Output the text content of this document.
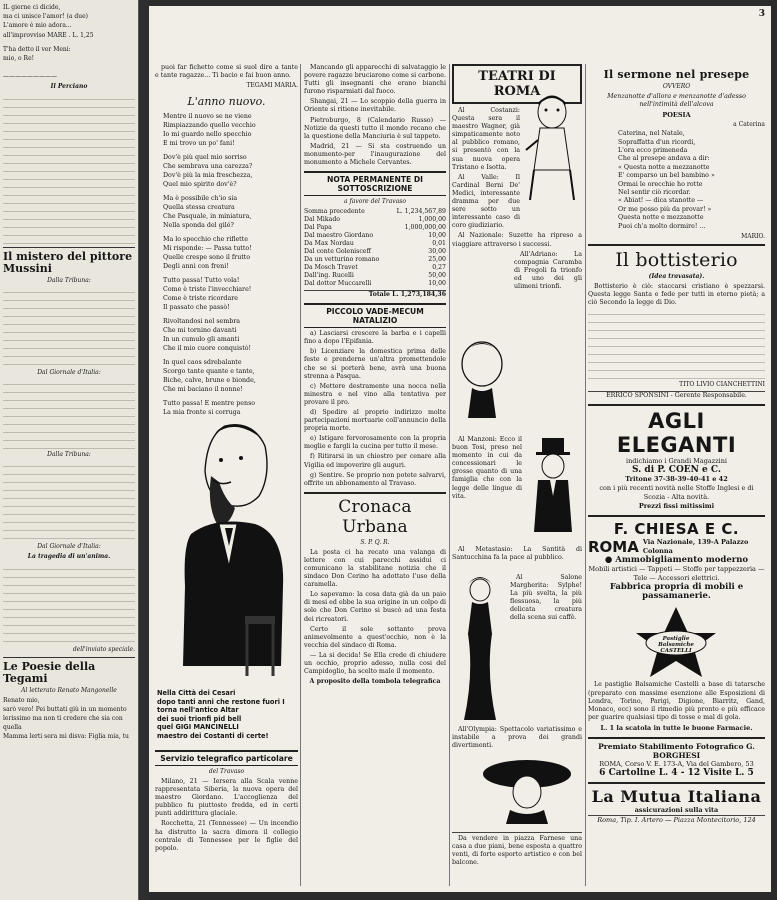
IL gierne ci dicide,

ma ci unisce l'amor! (a due)

L'amore è mio adora...

all'improvviso MARE . L. 1,25

T'ha detto il ver Meni:

mio, o Re!

—————————

Il Perciano
Il mistero del pittore Mussini
Dalla Tribuna:
Dal Giornale d'Italia:
Dalla Tribuna:
Dal Giornale d'Italia:
La tragedia di un'anima.
dell'inviato speciale.
Le Poesie della Tegami
Al letterato Renato Mangonelle

Renato mio,

sarò vero! Pei buttati giù in un momento

lerissimo ma non ti credere che sia con quella

Mamma lerti sera mi disva: Figlia mia, tu

3

puoi far fichetto come si suol dire a tante e tante ragazze... Ti bacio e fai buon anno.

TEGAMI MARIA.
L'anno nuovo.
Mentre il nuovo se ne viene
Rimpiazzando quello vecchio
Io mi guardo nello specchio
E mi trovo un po' fani!
Dov'è più quel mio sorriso
Che sembrava una carezza?
Dov'è più la mia freschezza,
Quel mio spirito dov'è?
Ma è possibile ch'io sia
Quella stessa creatura
Che Pasquale, in miniatura,
Nella sponda del gilé?
Ma lo specchio che riflette
Mi risponde: — Passa tutto!
Quelle crespe sono il frutto
Degli anni con freni!
Tutto passa! Tutto vola!
Come è triste l'invecchiare!
Come è triste ricordare
Il passato che passò!
Rivoltandosi nel sembra
Che mi tornino davanti
In un cumulo gli amanti
Che il mio cuore conquistò!
In quel caos sdrebalante
Scorgo tante quante e tante,
Biche, calve, brune e bionde,
Che mi baciano il nonne!
Tutto passa! E mentre penso
La mia fronte si corruga
Nella Città dei Cesari
dopo tanti anni che restone fuori I
torna nell'antico Altar
dei suoi trionfi pid bell
quel GIGI MANCINELLI
maestro dei Costanti di certe!
Servizio telegrafico particolare
del Travaso

Milano, 21 — Iersera alla Scala venne rappresentata Siberia, la nuova opera del maestro Giordano. L'accoglienza del pubblico fu piuttosto fredda, ed in certi punti addirittura glaciale.

Rocchetta, 21 (Tennessee) — Un incendio ha distrutto la sacra dimora il collegio centrale di Tennessee per le figlie del popolo.

Mancando gli apparecchi di salvataggio le povere ragazze bruciarono come si carbone. Tutti gli insegnanti che erano bianchi furono risparmiati dal fuoco.

Shangai, 21 — Lo scoppio della guerra in Oriente si ritiene inevitabile.

Pietroburgo, 8 (Calendario Russo) — Notizie da questi tutto il mondo recano che la questione della Manciuria è sul tappeto.

Madrid, 21 — Si sta costruendo un monumento-per l'inaugurazione del monumento a Michele Cervantes.

NOTA PERMANENTE DI SOTTOSCRIZIONE
a favore del Travaso
Somma precedente	L. 1,234,567,89
Dal Mikado	1,000,00
Dal Papa	1,000,000,00
Dal maestro Giordano	10,00
Da Max Nordau	0,01
Dal conte Golenisceff	30,00
Da un vetturino romano	25,00
Da Mosch Travet	0,27
Dall'ing. Rucelli	50,00
Dal dottor Muccarelli	10,00
Totale L. 1,273,184,36
PICCOLO VADE-MECUM NATALIZIO

a) Lasciarsi crescere la barba e i capelli fino a dopo l'Epifania.

b) Licenziare la domestica prima delle feste e prenderne un'altra promettendole che se si porterà bene, avrà una buona strenna a Pasqua.

c) Mettere destramente una nocca nella minestra e nel vino alla tentativa per provare il pro.

d) Spedire al proprio indirizzo molte partecipazioni mortuarie coll'annuncio della propria morte.

e) Istigare fervorosamente con la propria moglie e fargli la cucina per tutto il mese.

f) Ritirarsi in un chiostro per cenare alla Vigilia ed impoverire gli auguri.

g) Sentire. Se proprio non potete salvarvi, offrite un abbonamento al Travaso.

Cronaca Urbana
S. P. Q. R.

La posta ci ha recato una valanga di lettere con cui parecchi assidui ci comunicano la stabilitane notizia che il sindaco Don Cerino ha adottato l'uso della caramella.

Lo sapevamo: la cosa data già da un paio di mesi ed ebbe la sua origine in un colpo di sole che Don Cerino si buscò ad una festa dei ricreatori.

Certo il sole sottanto prova animevolmente a quest'occhio, non è la vecchia del sindaco di Roma.

— La si decida! Se Ella crede di chiudere un occhio, proprio adesso, nulla cosi del Campidoglio, ha scelto male il momento.

A proposito della tombola telegrafica

TEATRI DI ROMA

Al Costanzi: Questa sera il maestro Wagner, già simpaticamente noto al pubblico romano, si presentò con la sua nuova opera Tristano e Isotta.

Al Valle: Il Cardinal Berni De' Medici, interessante dramma per due sere sotto un interessante caso di coro giudiziario.

Al Nazionale: Suzette ha ripreso a viaggiare attraverso i successi.

All'Adriano: La compagnia Caramba di Fregoli fa trionfo ed uno dei gli ulimeni trionfi.

Al Manzoni: Ecco il buon Tosi, preso nel momento in cui da concessionari le grosse quanto di una famiglia che con la legge delle lingue di vita.

Al Metastasio: La Santità di Santucchina fa la pace al pubblico.

Al Salone Margherita: Sylphe! La più svelta, la più flessuosa, la più delicata creatura della scena sui caffè.

All'Olympia: Spettacolo variatissimo e instabile a prova dei grandi divertimenti.

Da vendere in piazza Farnese una casa a due piani, bene esposta a quattro venti, di forte esporto artistico e con bel balcone.

Il sermone nel presepe
OVVERO
Menzanotte d'allora e menzanotte d'adesso nell'intimità dell'alcova
POESIA
a Caterina
Caterina, nel Natale,
Sopraffatta d'un ricordi,
L'ora ecco primeneda
Che al presepe andava a dir:
« Questa notte a mezzanotte
E' comparso un bel bambino »
Ormai le orecchie ho rotte
Nel sentir ciò ricordar.
« Abiat! — dica stanotte —
Or me posso più da provar! »
Questa notte e mezzanotte
Puoi ch'a molto dormire! ...
MARIO.
Il bottisterio
(Idea travasata).

Bottisterio è ciò: staccarsi cristiano è spezzarsi. Questa legge Santa e fede per tutti in eterno pietà; a ciò Secondo la legge di Dio.

TITO LIVIO CIANCHETTINI
ERRICO SPONSINI - Gerente Responsabile.
AGLI ELEGANTI
indichiamo i Grandi Magazzini
S. di P. COEN e C.
Tritone 37-38-39-40-41 e 42
con i più recenti novità nelle Stoffe Inglesi e di Scozia - Alta novità.
Prezzi fissi mitissimi
F. CHIESA E C.
ROMA Via Nazionale, 139-A Palazzo Colonna
● Ammobigliamento moderno
Mobili artistici — Tappeti — Stoffe per tappezzeria — Tele — Accessori elettrici.
Fabbrica propria di mobili e passamanerie.
Pastiglie Balsamiche CASTELLI

Le pastiglie Balsamiche Castelli a base di tatarsche (preparato con massime esenzione alle Esposizioni di Londra, Torino, Parigi, Digione, Biarritz, Gand, Monaco, ecc) sono il rimedio più pronto e più efficace per guarire qualsiasi tipo di tosse e mal di gola.

L. 1 la scatola in tutte le buone Farmacie.
Premiato Stabilimento Fotografico G. BORGHESI
ROMA, Corso V. E. 173-A, Via del Gambero, 53
6 Cartoline L. 4 - 12 Visite L. 5
La Mutua Italiana
assicurazioni sulla vita
Roma, Tip. I. Artero — Piazza Montecitorio, 124
